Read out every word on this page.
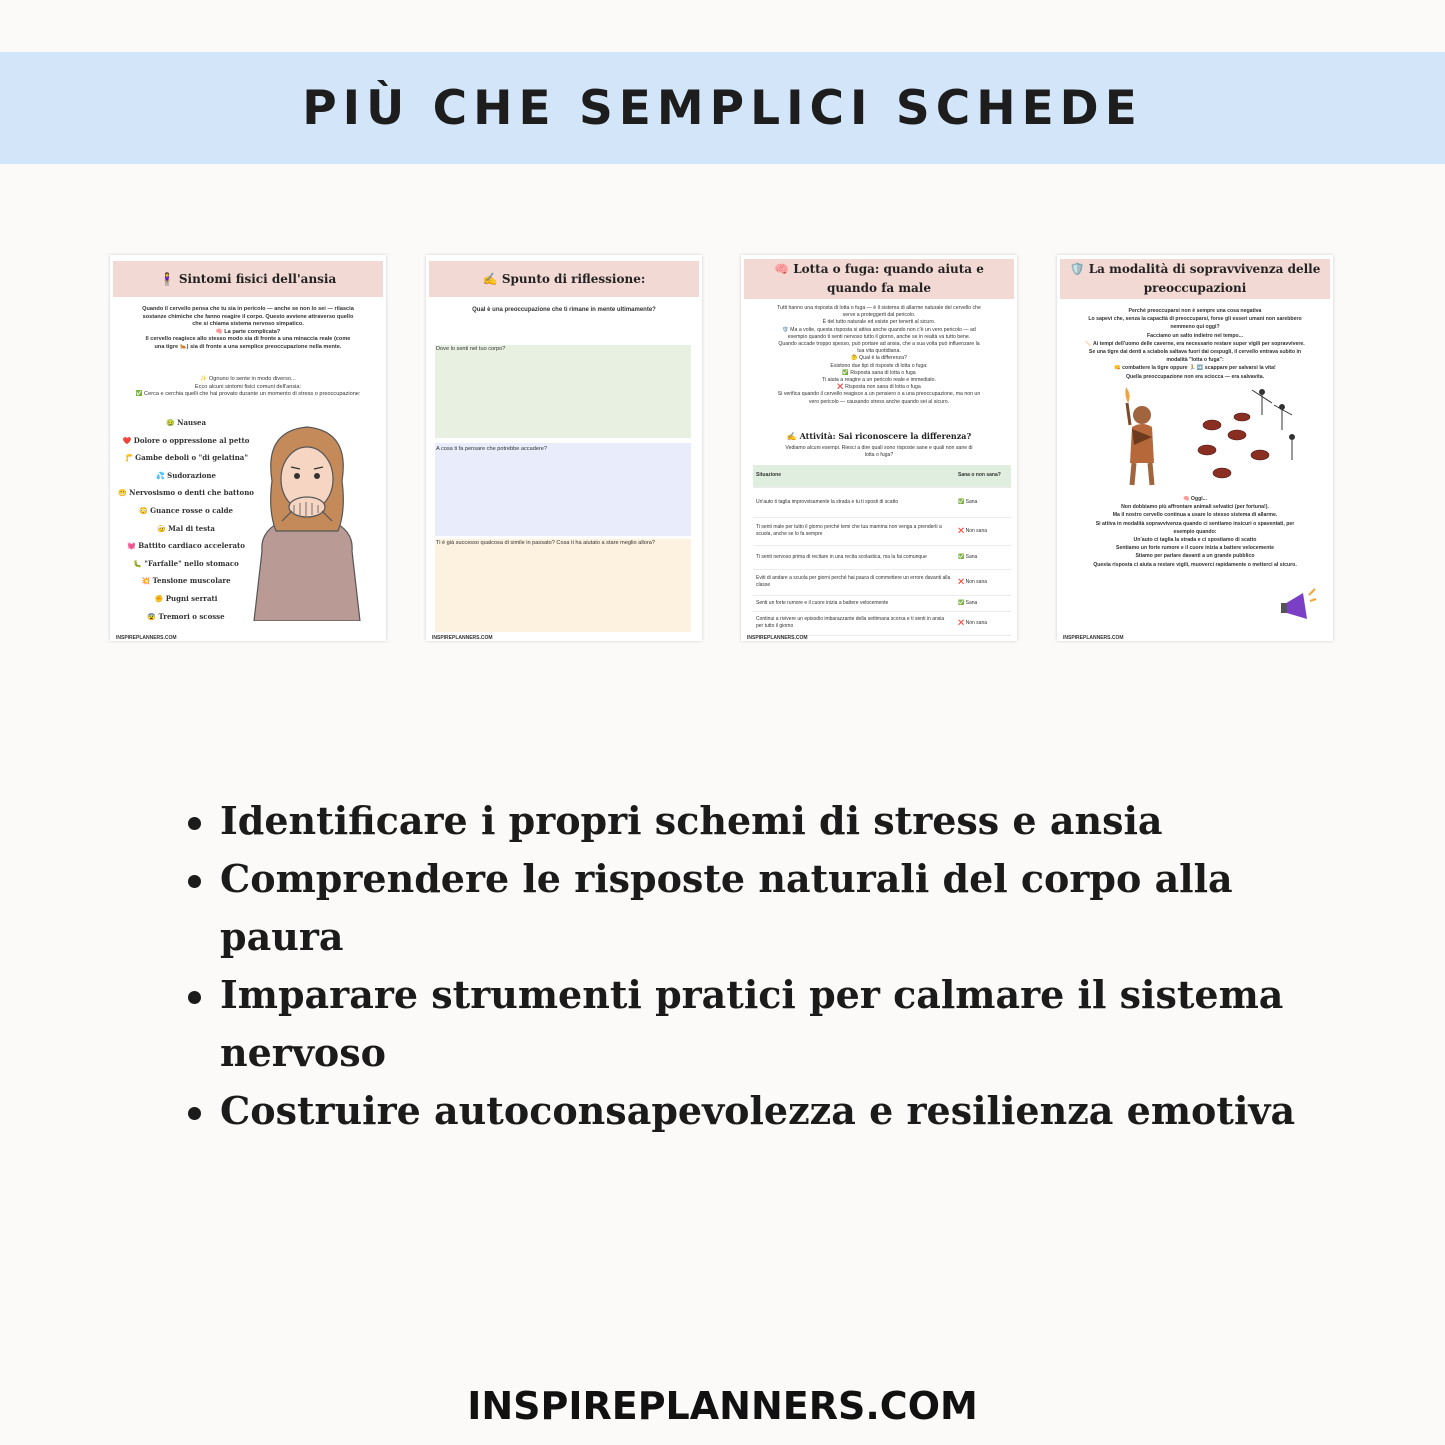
PIÙ CHE SEMPLICI SCHEDE
🧍‍♀️ Sintomi fisici dell'ansia
Quando il cervello pensa che tu sia in pericolo — anche se non lo sei — rilascia
sostanze chimiche che fanno reagire il corpo. Questo avviene attraverso quello
che si chiama sistema nervoso simpatico.
🧠 La parte complicata?
Il cervello reagisce allo stesso modo sia di fronte a una minaccia reale (come
una tigre 🐅) sia di fronte a una semplice preoccupazione nella mente.
✨ Ognuno lo sente in modo diverso...
Ecco alcuni sintomi fisici comuni dell'ansia:
✅ Cerca e cerchia quelli che hai provato durante un momento di stress o preoccupazione:
🤢 Nausea
❤️ Dolore o oppressione al petto
🦵 Gambe deboli o "di gelatina"
💦 Sudorazione
😬 Nervosismo o denti che battono
😳 Guance rosse o calde
🤕 Mal di testa
💓 Battito cardiaco accelerato
🐛 "Farfalle" nello stomaco
💥 Tensione muscolare
✊ Pugni serrati
😨 Tremori o scosse
INSPIREPLANNERS.COM
✍️ Spunto di riflessione:
Qual è una preoccupazione che ti rimane in mente ultimamente?
Dove lo senti nel tuo corpo?
A cosa ti fa pensare che potrebbe accadere?
Ti è già successo qualcosa di simile in passato? Cosa ti ha aiutato a stare meglio allora?
INSPIREPLANNERS.COM
🧠 Lotta o fuga: quando aiuta e quando fa male
Tutti hanno una risposta di lotta o fuga — è il sistema di allarme naturale del cervello che
serve a proteggerti dal pericolo.
È del tutto naturale ed esiste per tenerti al sicuro.
🛡️ Ma a volte, questa risposta si attiva anche quando non c'è un vero pericolo — ad
esempio quando ti senti nervoso tutto il giorno, anche se in realtà va tutto bene.
Quando accade troppo spesso, può portare ad ansia, che a sua volta può influenzare la
tua vita quotidiana.
🤔 Qual è la differenza?
Esistono due tipi di risposte di lotta o fuga:
✅ Risposta sana di lotta o fuga
Ti aiuta a reagire a un pericolo reale e immediato.
❌ Risposta non sana di lotta o fuga
Si verifica quando il cervello reagisce a un pensiero o a una preoccupazione, ma non un
vero pericolo — causando stress anche quando sei al sicuro.
✍️ Attività: Sai riconoscere la differenza?
Vediamo alcuni esempi. Riesci a dire quali sono risposte sane e quali non sane di
lotta o fuga?
Situazione	Sana o non sana?
Un'auto ti taglia improvvisamente la strada e tu ti sposti di scatto	✅ Sana
Ti senti male per tutto il giorno perché temi che tua mamma non venga a prenderti a scuola, anche se lo fa sempre	❌ Non sana
Ti senti nervoso prima di recitare in una recita scolastica, ma la fai comunque	✅ Sana
Eviti di andare a scuola per giorni perché hai paura di commettere un errore davanti alla classe	❌ Non sana
Senti un forte rumore e il cuore inizia a battere velocemente	✅ Sana
Continui a rivivere un episodio imbarazzante della settimana scorsa e ti senti in ansia per tutto il giorno	❌ Non sana
INSPIREPLANNERS.COM
🛡️ La modalità di sopravvivenza delle preoccupazioni
Perché preoccuparsi non è sempre una cosa negativa
Lo sapevi che, senza la capacità di preoccuparsi, forse gli esseri umani non sarebbero
nemmeno qui oggi?
Facciamo un salto indietro nel tempo...
🦴 Ai tempi dell'uomo delle caverne, era necessario restare super vigili per sopravvivere.
Se una tigre dai denti a sciabola saltava fuori dai cespugli, il cervello entrava subito in
modalità "lotta o fuga":
👊 combattere la tigre oppure 🏃 ➡️ scappare per salvarsi la vita!
Quella preoccupazione non era sciocca — era salvavita.
🧠 Oggi...
Non dobbiamo più affrontare animali selvatici (per fortuna!).
Ma il nostro cervello continua a usare lo stesso sistema di allarme.
Si attiva in modalità sopravvivenza quando ci sentiamo insicuri o spaventati, per
esempio quando:
Un'auto ci taglia la strada e ci spostiamo di scatto
Sentiamo un forte rumore e il cuore inizia a battere velocemente
Stiamo per parlare davanti a un grande pubblico
Questa risposta ci aiuta a restare vigili, muoverci rapidamente o metterci al sicuro.
INSPIREPLANNERS.COM
Identificare i propri schemi di stress e ansia
Comprendere le risposte naturali del corpo alla paura
Imparare strumenti pratici per calmare il sistema nervoso
Costruire autoconsapevolezza e resilienza emotiva
INSPIREPLANNERS.COM
